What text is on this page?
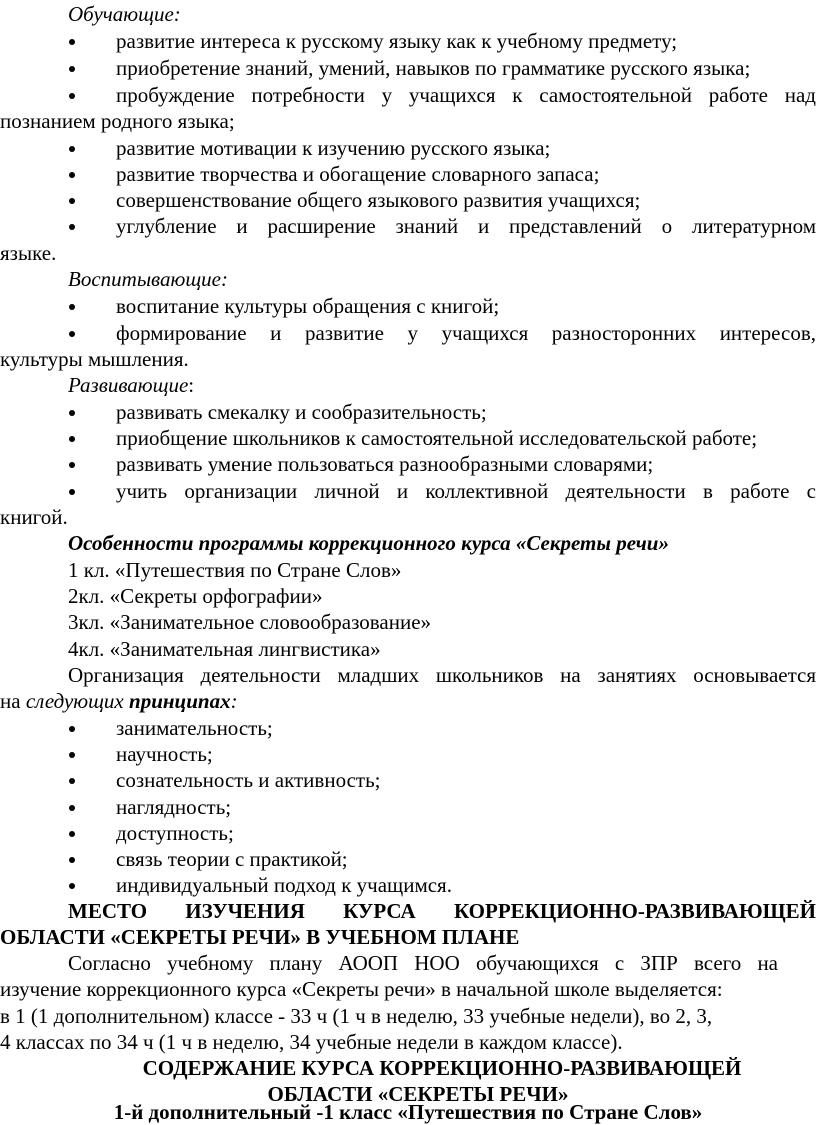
Обучающие:
развитие интереса к русскому языку как к учебному предмету;
приобретение знаний, умений, навыков по грамматике русского языка;
пробуждение потребности у учащихся к самостоятельной работе над
познанием родного языка;
развитие мотивации к изучению русского языка;
развитие творчества и обогащение словарного запаса;
совершенствование общего языкового развития учащихся;
углубление и расширение знаний и представлений о литературном
языке.
Воспитывающие:
воспитание культуры обращения с книгой;
формирование и развитие у учащихся разносторонних интересов,
культуры мышления.
Развивающие:
развивать смекалку и сообразительность;
приобщение школьников к самостоятельной исследовательской работе;
развивать умение пользоваться разнообразными словарями;
учить организации личной и коллективной деятельности в работе с
книгой.
Особенности программы коррекционного курса «Секреты речи»
1 кл. «Путешествия по Стране Слов»
2кл. «Секреты орфографии»
3кл. «Занимательное словообразование»
4кл. «Занимательная лингвистика»
Организация деятельности младших школьников на занятиях основывается
на следующих принципах:
занимательность;
научность;
сознательность и активность;
наглядность;
доступность;
связь теории с практикой;
индивидуальный подход к учащимся.
МЕСТО ИЗУЧЕНИЯ КУРСА КОРРЕКЦИОННО-РАЗВИВАЮЩЕЙ
ОБЛАСТИ «СЕКРЕТЫ РЕЧИ» В УЧЕБНОМ ПЛАНЕ
Согласно учебному плану АООП НОО обучающихся с ЗПР всего на
изучение коррекционного курса «Секреты речи» в начальной школе выделяется:
в 1 (1 дополнительном) классе - 33 ч (1 ч в неделю, 33 учебные недели), во 2, 3,
4 классах по 34 ч (1 ч в неделю, 34 учебные недели в каждом классе).
СОДЕРЖАНИЕ КУРСА КОРРЕКЦИОННО-РАЗВИВАЮЩЕЙ
ОБЛАСТИ «СЕКРЕТЫ РЕЧИ»
1-й дополнительный -1 класс «Путешествия по Стране Слов»
